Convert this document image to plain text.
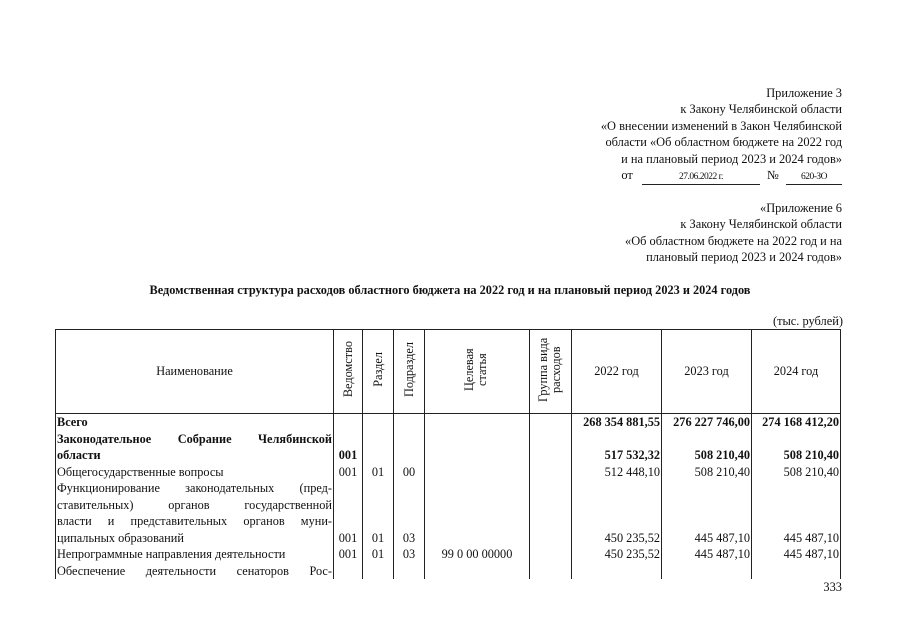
Приложение 3
к Закону Челябинской области
«О внесении изменений в Закон Челябинской
области «Об областном бюджете на 2022 год
и на плановый период 2023 и 2024 годов»
от	27.06.2022 г.	№ 620-ЗО
«Приложение 6
к Закону Челябинской области
«Об областном бюджете на 2022 год и на
плановый период 2023 и 2024 годов»
Ведомственная структура расходов областного бюджета на 2022 год и на плановый период 2023 и 2024 годов
(тыс. рублей)
Наименование	Ведомство	Раздел	Подраздел	Целевая статья	Группа вида расходов	2022 год	2023 год	2024 год
Всего						268 354 881,55	276 227 746,00	274 168 412,20

Законодательное Собрание Челябинской
области	001					517 532,32	508 210,40	508 210,40
Общегосударственные вопросы	001	01	00			512 448,10	508 210,40	508 210,40

Функционирование законодательных (пред-
ставительных) органов государственной
власти и представительных органов муни-
ципальных образований	001	01	03			450 235,52	445 487,10	445 487,10
Непрограммные направления деятельности	001	01	03	99 0 00 00000		450 235,52	445 487,10	445 487,10

Обеспечение деятельности сенаторов Рос-								

333
